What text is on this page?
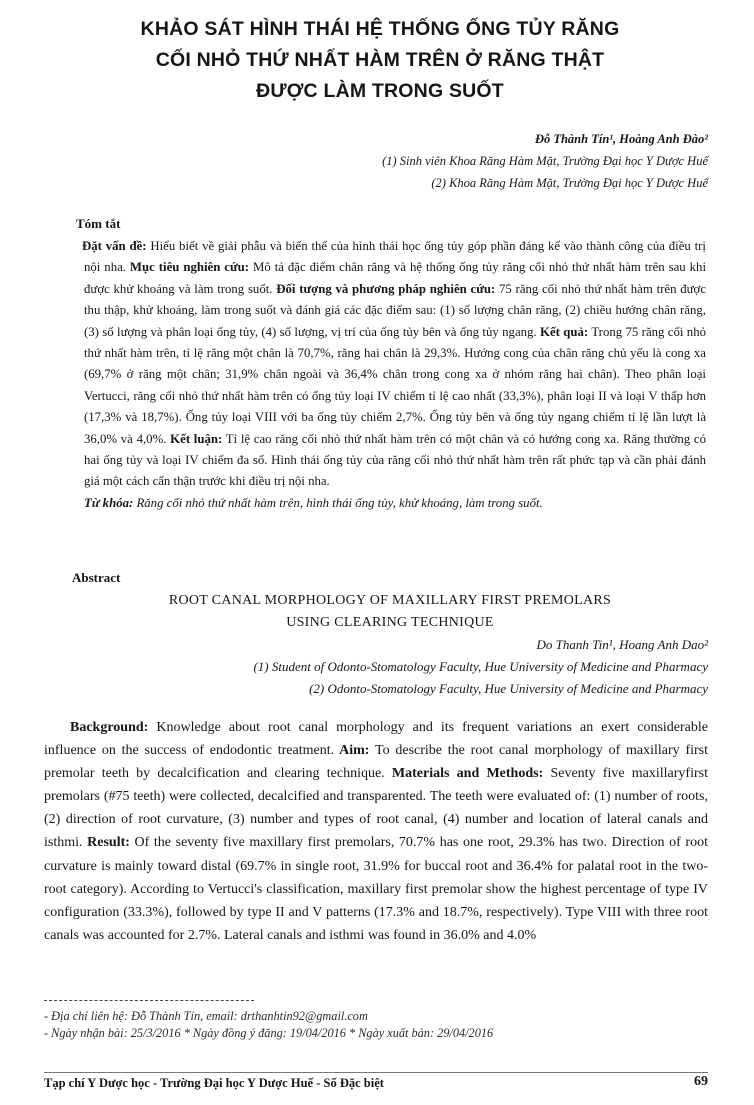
KHẢO SÁT HÌNH THÁI HỆ THỐNG ỐNG TỦY RĂNG
CỐI NHỎ THỨ NHẤT HÀM TRÊN Ở RĂNG THẬT
ĐƯỢC LÀM TRONG SUỐT
Đỗ Thành Tín¹, Hoàng Anh Đào²
(1) Sinh viên Khoa Răng Hàm Mặt, Trường Đại học Y Dược Huế
(2) Khoa Răng Hàm Mặt, Trường Đại học Y Dược Huế
Tóm tắt

Đặt vấn đề: Hiểu biết về giải phẫu và biến thể của hình thái học ống tủy góp phần đáng kể vào thành công của điều trị nội nha. Mục tiêu nghiên cứu: Mô tả đặc điểm chân răng và hệ thống ống tủy răng cối nhỏ thứ nhất hàm trên sau khi được khử khoáng và làm trong suốt. Đối tượng và phương pháp nghiên cứu: 75 răng cối nhỏ thứ nhất hàm trên được thu thập, khử khoáng, làm trong suốt và đánh giá các đặc điểm sau: (1) số lượng chân răng, (2) chiều hướng chân răng, (3) số lượng và phân loại ống tủy, (4) số lượng, vị trí của ống tủy bên và ống tủy ngang. Kết quả: Trong 75 răng cối nhỏ thứ nhất hàm trên, tỉ lệ răng một chân là 70,7%, răng hai chân là 29,3%. Hướng cong của chân răng chủ yếu là cong xa (69,7% ở răng một chân; 31,9% chân ngoài và 36,4% chân trong cong xa ở nhóm răng hai chân). Theo phân loại Vertucci, răng cối nhỏ thứ nhất hàm trên có ống tủy loại IV chiếm tỉ lệ cao nhất (33,3%), phân loại II và loại V thấp hơn (17,3% và 18,7%). Ống tủy loại VIII với ba ống tủy chiếm 2,7%. Ống tủy bên và ống tủy ngang chiếm tỉ lệ lần lượt là 36,0% và 4,0%. Kết luận: Tỉ lệ cao răng cối nhỏ thứ nhất hàm trên có một chân và có hướng cong xa. Răng thường có hai ống tủy và loại IV chiếm đa số. Hình thái ống tủy của răng cối nhỏ thứ nhất hàm trên rất phức tạp và cần phải đánh giá một cách cẩn thận trước khi điều trị nội nha.

Từ khóa: Răng cối nhỏ thứ nhất hàm trên, hình thái ống tủy, khử khoáng, làm trong suốt.

Abstract
ROOT CANAL MORPHOLOGY OF MAXILLARY FIRST PREMOLARS
USING CLEARING TECHNIQUE
Do Thanh Tin¹, Hoang Anh Dao²
(1) Student of Odonto-Stomatology Faculty, Hue University of Medicine and Pharmacy
(2) Odonto-Stomatology Faculty, Hue University of Medicine and Pharmacy

Background: Knowledge about root canal morphology and its frequent variations an exert considerable influence on the success of endodontic treatment. Aim: To describe the root canal morphology of maxillary first premolar teeth by decalcification and clearing technique. Materials and Methods: Seventy five maxillaryfirst premolars (#75 teeth) were collected, decalcified and transparented. The teeth were evaluated of: (1) number of roots, (2) direction of root curvature, (3) number and types of root canal, (4) number and location of lateral canals and isthmi. Result: Of the seventy five maxillary first premolars, 70.7% has one root, 29.3% has two. Direction of root curvature is mainly toward distal (69.7% in single root, 31.9% for buccal root and 36.4% for palatal root in the two-root category). According to Vertucci's classification, maxillary first premolar show the highest percentage of type IV configuration (33.3%), followed by type II and V patterns (17.3% and 18.7%, respectively). Type VIII with three root canals was accounted for 2.7%. Lateral canals and isthmi was found in 36.0% and 4.0%

- Địa chỉ liên hệ: Đỗ Thành Tín, email: drthanhtin92@gmail.com
- Ngày nhận bài: 25/3/2016 * Ngày đồng ý đăng: 19/04/2016 * Ngày xuất bản: 29/04/2016
Tạp chí Y Dược học - Trường Đại học Y Dược Huế - Số Đặc biệt	69
